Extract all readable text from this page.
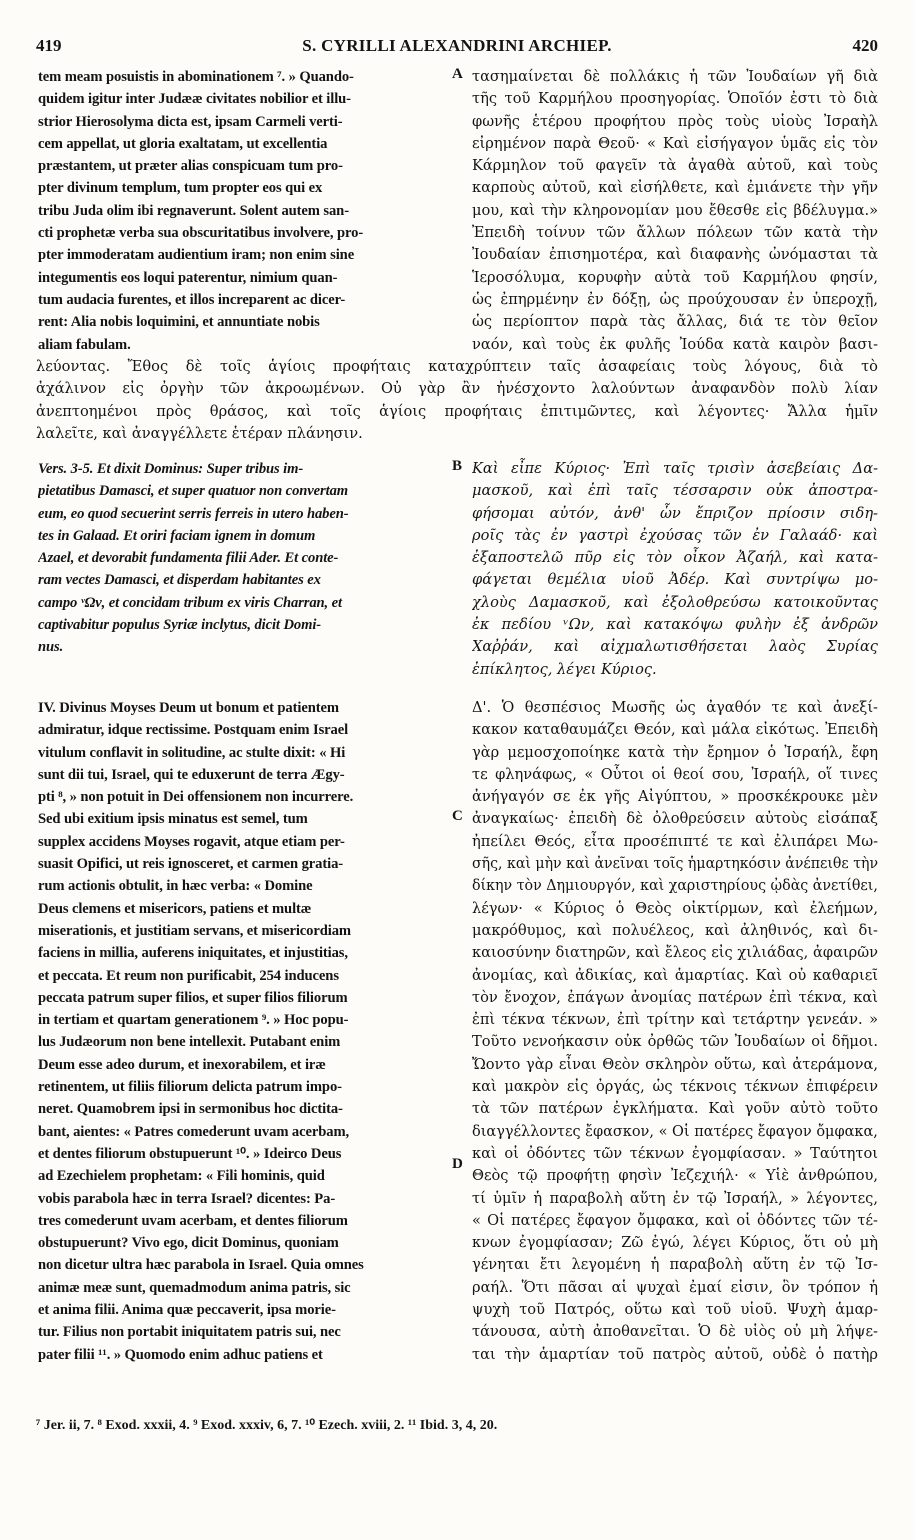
419	S. CYRILLI ALEXANDRINI ARCHIEP.	420
tem meam posuistis in abominationem ⁷. » Quando-
quidem igitur inter Judææ civitates nobilior et illu-
strior Hierosolyma dicta est, ipsam Carmeli verti-
cem appellat, ut gloria exaltatam, ut excellentia
præstantem, ut præter alias conspicuam tum pro-
pter divinum templum, tum propter eos qui ex
tribu Juda olim ibi regnaverunt. Solent autem san-
cti prophetæ verba sua obscuritatibus involvere, pro-
pter immoderatam audientium iram; non enim sine
integumentis eos loqui paterentur, nimium quan-
tum audacia furentes, et illos increparent ac dicer-
rent: Alia nobis loquimini, et annuntiate nobis
aliam fabulam.
A τασημαίνεται δὲ πολλάκις ἡ τῶν Ἰουδαίων γῆ διὰ
τῆς τοῦ Καρμήλου προσηγορίας. Ὁποῖόν ἐστι τὸ διὰ
φωνῆς ἑτέρου προφήτου πρὸς τοὺς υἱοὺς Ἰσραὴλ
εἰρημένον παρὰ Θεοῦ· « Καὶ εἰσήγαγον ὑμᾶς εἰς τὸν
Κάρμηλον τοῦ φαγεῖν τὰ ἀγαθὰ αὐτοῦ, καὶ τοὺς
καρποὺς αὐτοῦ, καὶ εἰσήλθετε, καὶ ἐμιάνετε τὴν γῆν
μου, καὶ τὴν κληρονομίαν μου ἔθεσθε εἰς βδέλυγμα.»
Ἐπειδὴ τοίνυν τῶν ἄλλων πόλεων τῶν κατὰ τὴν
Ἰουδαίαν ἐπισημοτέρα, καὶ διαφανὴς ὠνόμασται τὰ
Ἱεροσόλυμα, κορυφὴν αὐτὰ τοῦ Καρμήλου φησίν,
ὡς ἐπηρμένην ἐν δόξῃ, ὡς προύχουσαν ἐν ὑπεροχῇ,
ὡς περίοπτον παρὰ τὰς ἄλλας, διά τε τὸν θεῖον
ναόν, καὶ τοὺς ἐκ φυλῆς Ἰούδα κατὰ καιρὸν βασι-
λεύοντας. Ἔθος δὲ τοῖς ἁγίοις προφήταις καταχρύπτειν ταῖς ἀσαφείαις τοὺς λόγους, διὰ τὸ
ἀχάλινον εἰς ὀργὴν τῶν ἀκροωμένων. Οὐ γὰρ ἂν ἠνέσχοντο λαλούντων ἀναφανδὸν πολὺ λίαν
ἀνεπτοημένοι πρὸς θράσος, καὶ τοῖς ἁγίοις προφήταις ἐπιτιμῶντες, καὶ λέγοντες· Ἄλλα ἡμῖν
λαλεῖτε, καὶ ἀναγγέλλετε ἑτέραν πλάνησιν.
Vers. 3-5. Et dixit Dominus: Super tribus im-
pietatibus Damasci, et super quatuor non convertam
eum, eo quod secuerint serris ferreis in utero haben-
tes in Galaad. Et oriri faciam ignem in domum
Azael, et devorabit fundamenta filii Ader. Et conte-
ram vectes Damasci, et disperdam habitantes ex
campo ᵛΩν, et concidam tribum ex viris Charran, et
captivabitur populus Syriæ inclytus, dicit Domi-
nus.
B Καὶ εἶπε Κύριος· Ἐπὶ ταῖς τρισὶν ἀσεβείαις Δα-
μασκοῦ, καὶ ἐπὶ ταῖς τέσσαρσιν οὐκ ἀποστρα-
φήσομαι αὐτόν, ἀνθ' ὧν ἔπριζον πρίοσιν σιδη-
ροῖς τὰς ἐν γαστρὶ ἐχούσας τῶν ἐν Γαλαάδ· καὶ
ἐξαποστελῶ πῦρ εἰς τὸν οἶκον Ἀζαήλ, καὶ κατα-
φάγεται θεμέλια υἱοῦ Ἀδέρ. Καὶ συντρίψω μο-
χλοὺς Δαμασκοῦ, καὶ ἐξολοθρεύσω κατοικοῦντας
ἐκ πεδίου ᵛΩν, καὶ κατακόψω φυλὴν ἐξ ἀνδρῶν
Χαῤῥάν, καὶ αἰχμαλωτισθήσεται λαὸς Συρίας
ἐπίκλητος, λέγει Κύριος.
IV. Divinus Moyses Deum ut bonum et patientem
admiratur, idque rectissime. Postquam enim Israel
vitulum conflavit in solitudine, ac stulte dixit: « Hi
sunt dii tui, Israel, qui te eduxerunt de terra Ægy-
pti ⁸, » non potuit in Dei offensionem non incurrere.
Sed ubi exitium ipsis minatus est semel, tum
supplex accidens Moyses rogavit, atque etiam per-
suasit Opifici, ut reis ignosceret, et carmen gratia-
rum actionis obtulit, in hæc verba: « Domine
Deus clemens et misericors, patiens et multæ
miserationis, et justitiam servans, et misericordiam
faciens in millia, auferens iniquitates, et injustitias,
et peccata. Et reum non purificabit, 254 inducens
peccata patrum super filios, et super filios filiorum
in tertiam et quartam generationem ⁹. » Hoc popu-
lus Judæorum non bene intellexit. Putabant enim
Deum esse adeo durum, et inexorabilem, et iræ
retinentem, ut filiis filiorum delicta patrum impo-
neret. Quamobrem ipsi in sermonibus hoc dictita-
bant, aientes: « Patres comederunt uvam acerbam,
et dentes filiorum obstupuerunt ¹⁰. » Ideirco Deus
ad Ezechielem prophetam: « Fili hominis, quid
vobis parabola hæc in terra Israel? dicentes: Pa-
tres comederunt uvam acerbam, et dentes filiorum
obstupuerunt? Vivo ego, dicit Dominus, quoniam
non dicetur ultra hæc parabola in Israel. Quia omnes
animæ meæ sunt, quemadmodum anima patris, sic
et anima filii. Anima quæ peccaverit, ipsa morie-
tur. Filius non portabit iniquitatem patris sui, nec
pater filii ¹¹. » Quomodo enim adhuc patiens et
C
D
Δ'. Ὁ θεσπέσιος Μωσῆς ὡς ἀγαθόν τε καὶ ἀνεξί-
κακον καταθαυμάζει Θεόν, καὶ μάλα εἰκότως. Ἐπειδὴ
γὰρ μεμοσχοποίηκε κατὰ τὴν ἔρημον ὁ Ἰσραήλ, ἔφη
τε φληνάφως, « Οὗτοι οἱ θεοί σου, Ἰσραήλ, οἵ τινες
ἀνήγαγόν σε ἐκ γῆς Αἰγύπτου, » προσκέκρουκε μὲν
ἀναγκαίως· ἐπειδὴ δὲ ὀλοθρεύσειν αὐτοὺς εἰσάπαξ
ἠπείλει Θεός, εἶτα προσέπιπτέ τε καὶ ἐλιπάρει Μω-
σῆς, καὶ μὴν καὶ ἀνεῖναι τοῖς ἡμαρτηκόσιν ἀνέπειθε τὴν
δίκην τὸν Δημιουργόν, καὶ χαριστηρίους ᾠδὰς ἀνετίθει,
λέγων· « Κύριος ὁ Θεὸς οἰκτίρμων, καὶ ἐλεήμων,
μακρόθυμος, καὶ πολυέλεος, καὶ ἀληθινός, καὶ δι-
καιοσύνην διατηρῶν, καὶ ἔλεος εἰς χιλιάδας, ἀφαιρῶν
ἀνομίας, καὶ ἀδικίας, καὶ ἁμαρτίας. Καὶ οὐ καθαριεῖ
τὸν ἔνοχον, ἐπάγων ἀνομίας πατέρων ἐπὶ τέκνα, καὶ
ἐπὶ τέκνα τέκνων, ἐπὶ τρίτην καὶ τετάρτην γενεάν. »
Τοῦτο νενοήκασιν οὐκ ὀρθῶς τῶν Ἰουδαίων οἱ δῆμοι.
Ὤοντο γὰρ εἶναι Θεὸν σκληρὸν οὕτω, καὶ ἀτεράμονα,
καὶ μακρὸν εἰς ὀργάς, ὡς τέκνοις τέκνων ἐπιφέρειν
τὰ τῶν πατέρων ἐγκλήματα. Καὶ γοῦν αὐτὸ τοῦτο
διαγγέλλοντες ἔφασκον, « Οἱ πατέρες ἔφαγον ὄμφακα,
καὶ οἱ ὀδόντες τῶν τέκνων ἐγομφίασαν. » Ταύτητοι
Θεὸς τῷ προφήτῃ φησὶν Ἰεζεχιήλ· « Υἱὲ ἀνθρώπου,
τί ὑμῖν ἡ παραβολὴ αὕτη ἐν τῷ Ἰσραήλ, » λέγοντες,
« Οἱ πατέρες ἔφαγον ὄμφακα, καὶ οἱ ὀδόντες τῶν τέ-
κνων ἐγομφίασαν; Ζῶ ἐγώ, λέγει Κύριος, ὅτι οὐ μὴ
γένηται ἔτι λεγομένη ἡ παραβολὴ αὕτη ἐν τῷ Ἰσ-
ραήλ. Ὅτι πᾶσαι αἱ ψυχαὶ ἐμαί εἰσιν, ὃν τρόπον ἡ
ψυχὴ τοῦ Πατρός, οὕτω καὶ τοῦ υἱοῦ. Ψυχὴ ἁμαρ-
τάνουσα, αὐτὴ ἀποθανεῖται. Ὁ δὲ υἱὸς οὐ μὴ λήψε-
ται τὴν ἁμαρτίαν τοῦ πατρὸς αὐτοῦ, οὐδὲ ὁ πατὴρ
⁷ Jer. ii, 7. ⁸ Exod. xxxii, 4. ⁹ Exod. xxxiv, 6, 7. ¹⁰ Ezech. xviii, 2. ¹¹ Ibid. 3, 4, 20.
